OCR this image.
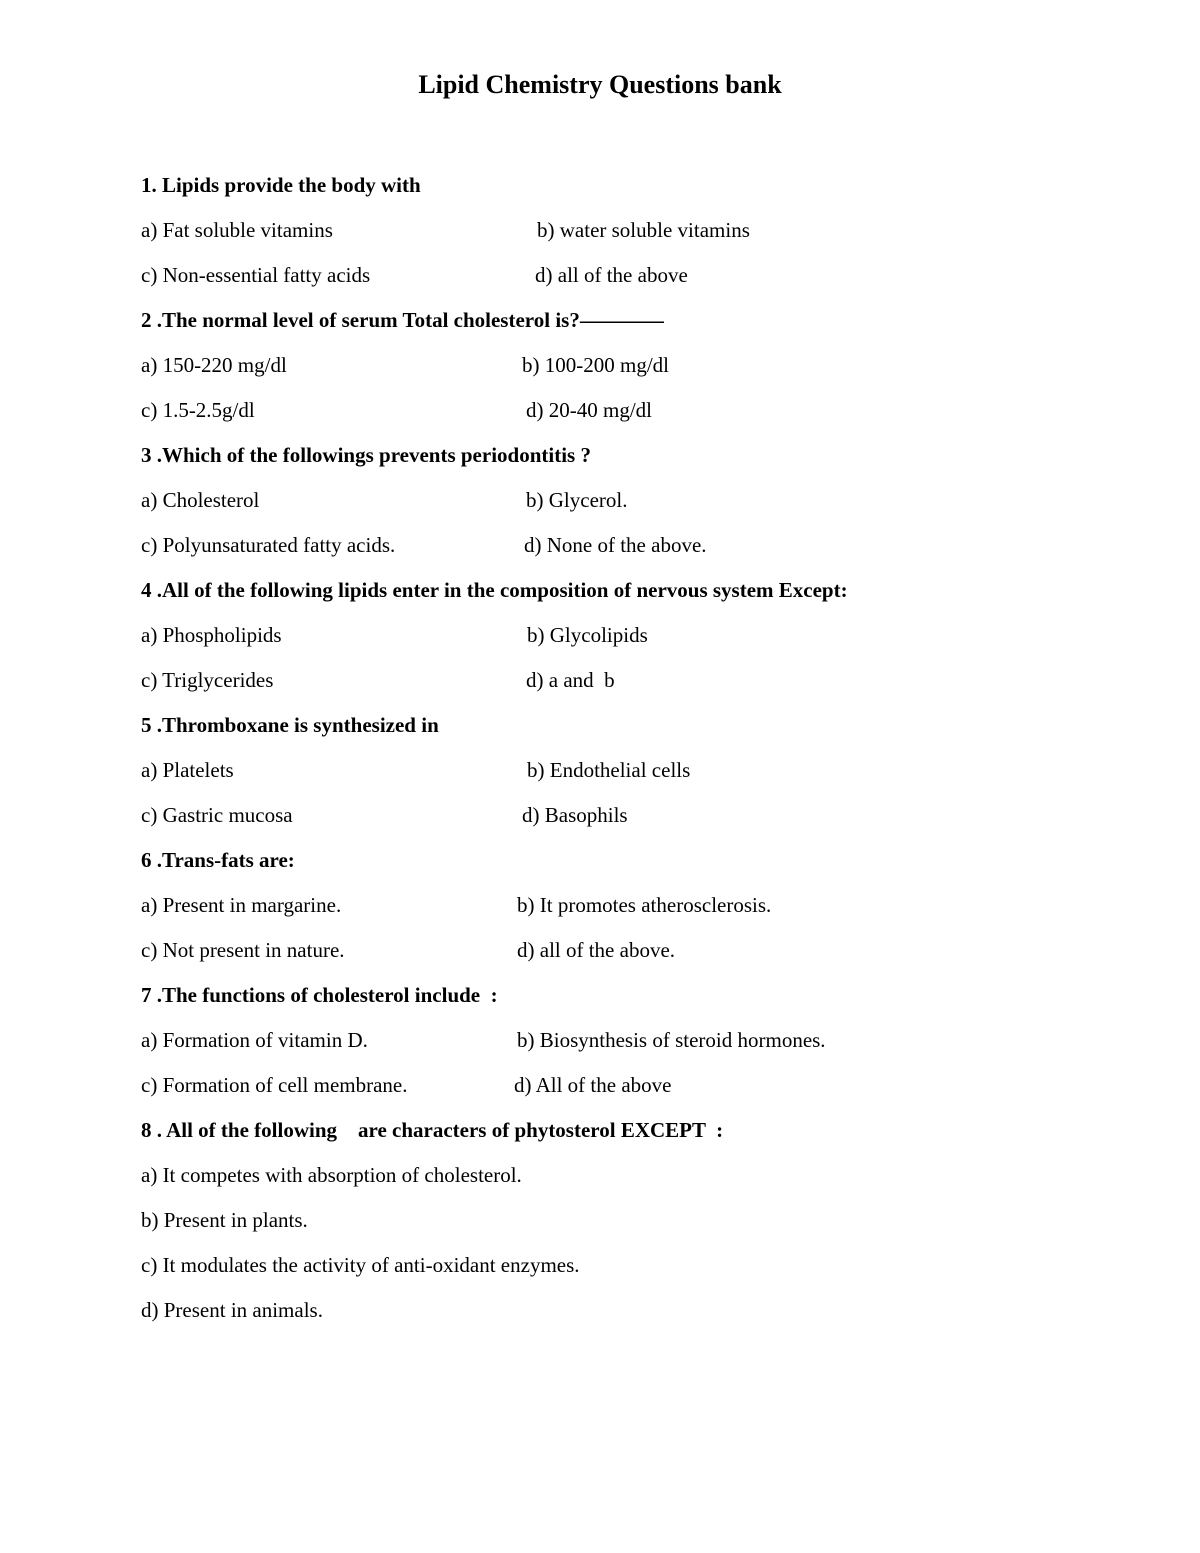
Lipid Chemistry Questions bank
1. Lipids provide the body with

a) Fat soluble vitamins

	b) water soluble vitamins

c) Non-essential fatty acids

	d) all of the above

2 .The normal level of serum Total cholesterol is?————

a) 150-220 mg/dl

	b) 100-200 mg/dl

c) 1.5-2.5g/dl

	d) 20-40 mg/dl

3 .Which of the followings prevents periodontitis ?

a) Cholesterol

	b) Glycerol.

c) Polyunsaturated fatty acids.

	d) None of the above.

4 .All of the following lipids enter in the composition of nervous system Except:

a) Phospholipids

	b) Glycolipids

c) Triglycerides

	d) a and  b

5 .Thromboxane is synthesized in

a) Platelets

	b) Endothelial cells

c) Gastric mucosa

	d) Basophils

6 .Trans-fats are:

a) Present in margarine.

	b) It promotes atherosclerosis.

c) Not present in nature.

	d) all of the above.

7 .The functions of cholesterol include  :

a) Formation of vitamin D.

	b) Biosynthesis of steroid hormones.

c) Formation of cell membrane.

	d) All of the above

8 . All of the following    are characters of phytosterol EXCEPT  :
a) It competes with absorption of cholesterol.
b) Present in plants.
c) It modulates the activity of anti-oxidant enzymes.
d) Present in animals.
